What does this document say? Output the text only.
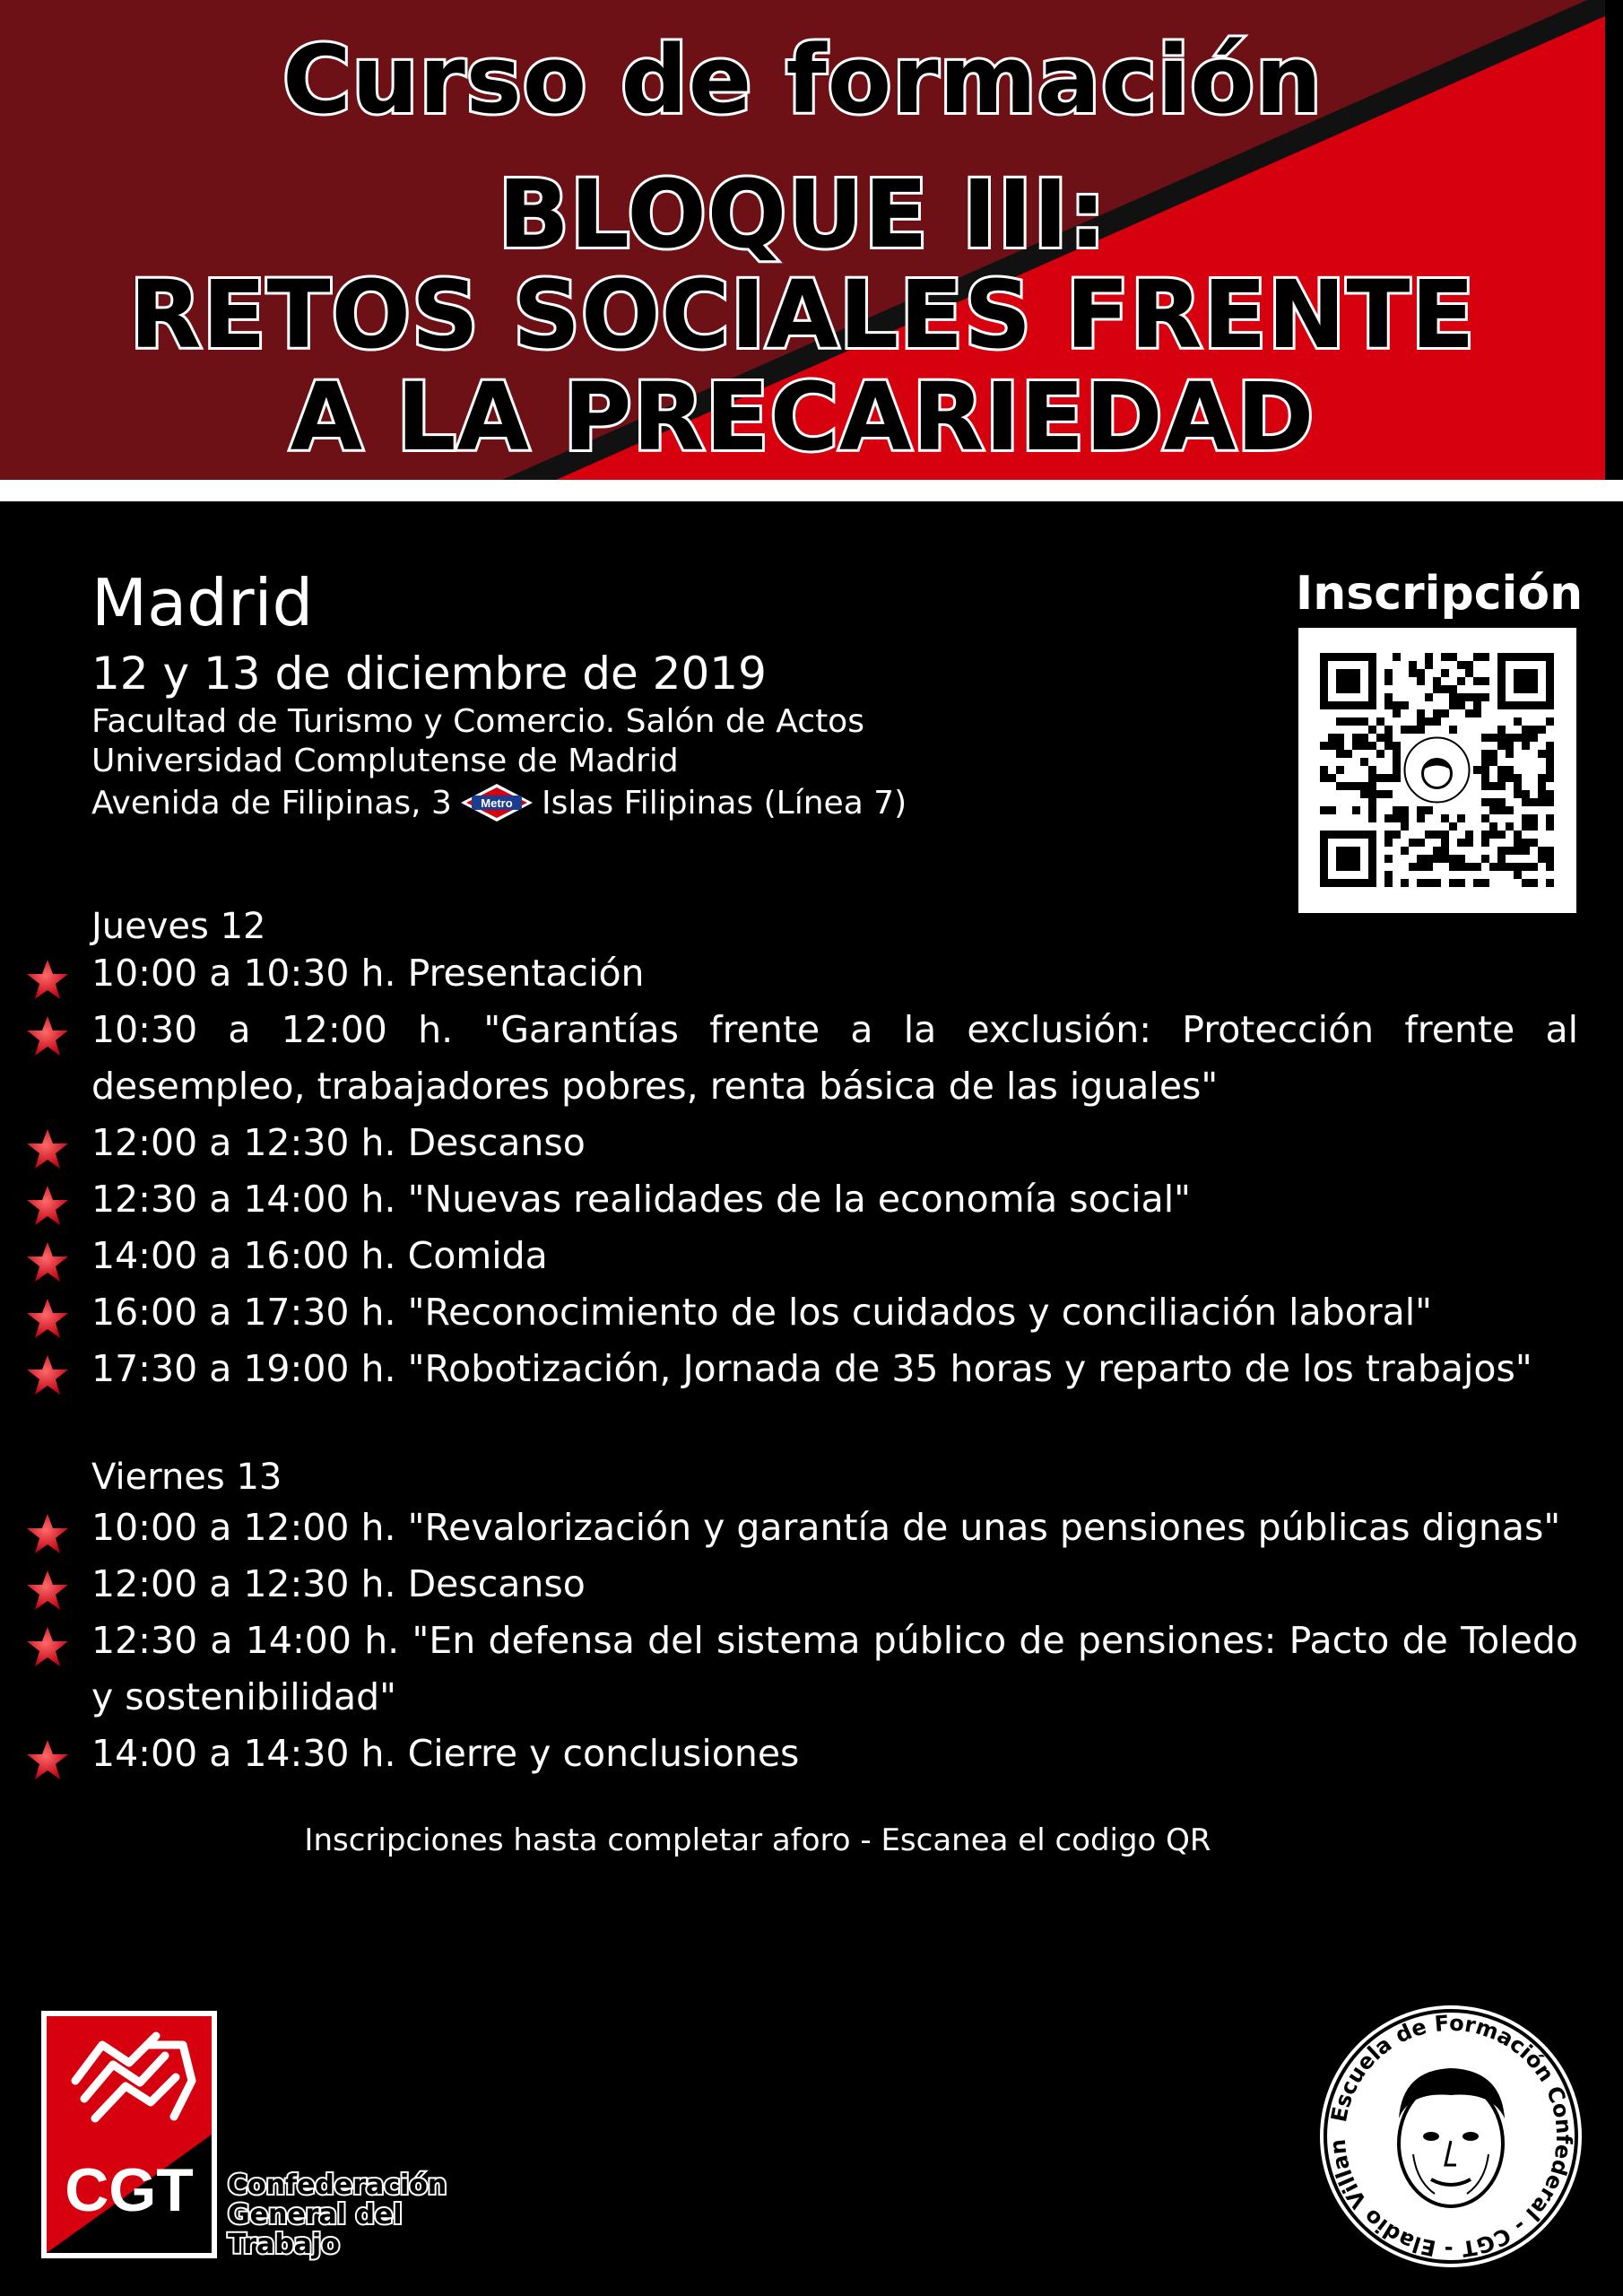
Curso de formación
BLOQUE III:
RETOS SOCIALES FRENTE
A LA PRECARIEDAD
Madrid

12 y 13 de diciembre de 2019

Facultad de Turismo y Comercio. Salón de Actos

Universidad Complutense de Madrid

Avenida de Filipinas, 3 Metro Islas Filipinas (Línea 7)

Inscripción
Jueves 12

10:00 a 10:30 h. Presentación

10:30 a 12:00 h. "Garantías frente a la exclusión: Protección frente al desempleo, trabajadores pobres, renta básica de las iguales"

12:00 a 12:30 h. Descanso

12:30 a 14:00 h. "Nuevas realidades de la economía social"

14:00 a 16:00 h. Comida

16:00 a 17:30 h. "Reconocimiento de los cuidados y conciliación laboral"

17:30 a 19:00 h. "Robotización, Jornada de 35 horas y reparto de los trabajos"

Viernes 13

10:00 a 12:00 h. "Revalorización y garantía de unas pensiones públicas dignas"

12:00 a 12:30 h. Descanso

12:30 a 14:00 h. "En defensa del sistema público de pensiones: Pacto de Toledo y sostenibilidad"

14:00 a 14:30 h. Cierre y conclusiones

Inscripciones hasta completar aforo - Escanea el codigo QR

CGT Confederación
General del
Trabajo
Escuela de Formación Confederal - CGT - Eladio Villan
